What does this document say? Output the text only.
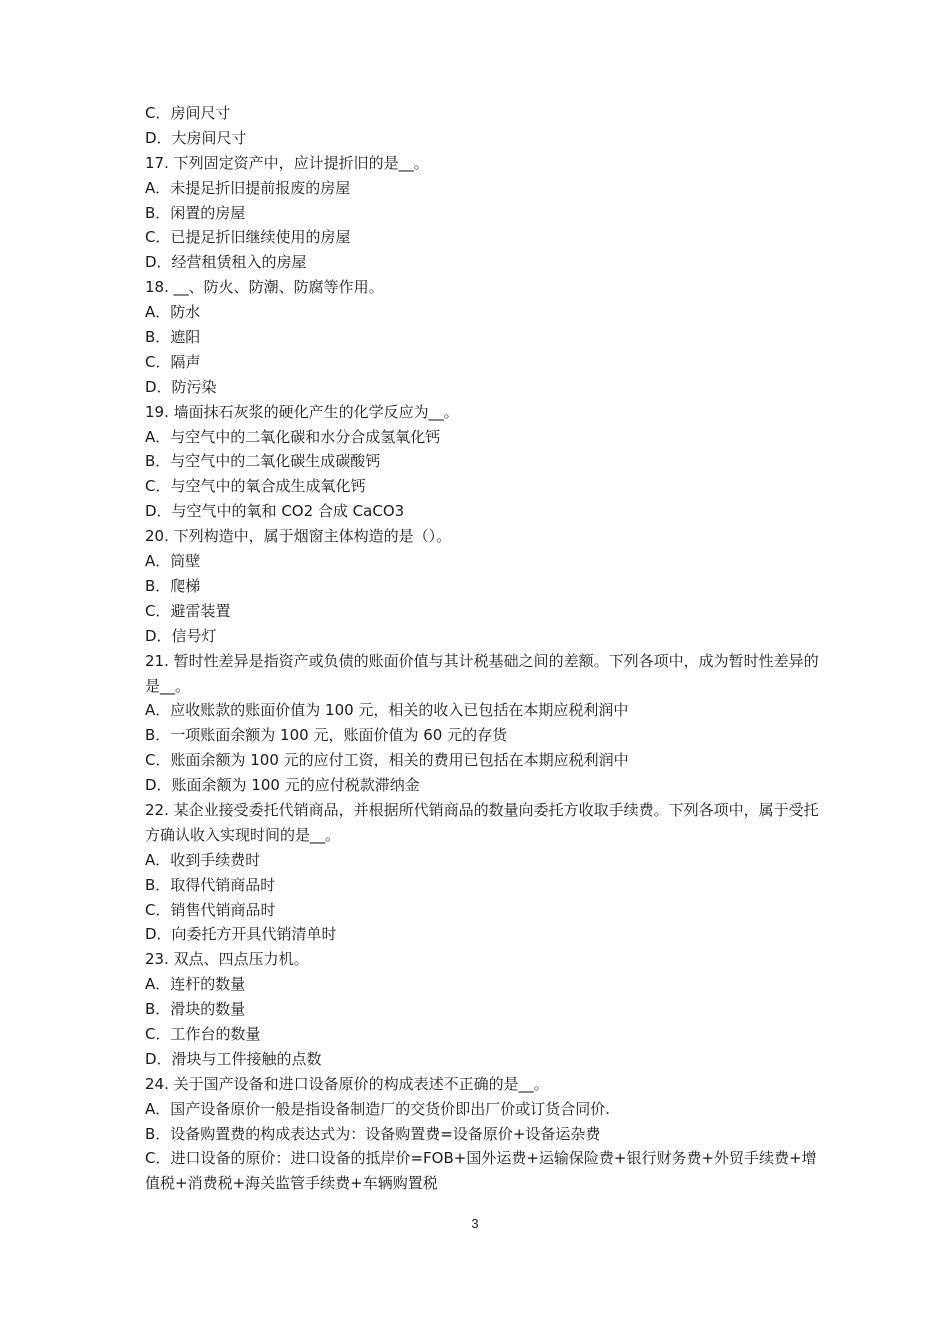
C．房间尺寸
D．大房间尺寸
17. 下列固定资产中，应计提折旧的是__。
A．未提足折旧提前报废的房屋
B．闲置的房屋
C．已提足折旧继续使用的房屋
D．经营租赁租入的房屋
18. __、防火、防潮、防腐等作用。
A．防水
B．遮阳
C．隔声
D．防污染
19. 墙面抹石灰浆的硬化产生的化学反应为__。
A．与空气中的二氧化碳和水分合成氢氧化钙
B．与空气中的二氧化碳生成碳酸钙
C．与空气中的氧合成生成氧化钙
D．与空气中的氧和 CO2 合成 CaCO3
20. 下列构造中，属于烟窗主体构造的是（）。
A．筒壁
B．爬梯
C．避雷装置
D．信号灯
21. 暂时性差异是指资产或负债的账面价值与其计税基础之间的差额。下列各项中，成为暂时性差异的是__。
A．应收账款的账面价值为 100 元，相关的收入已包括在本期应税利润中
B．一项账面余额为 100 元，账面价值为 60 元的存货
C．账面余额为 100 元的应付工资，相关的费用已包括在本期应税利润中
D．账面余额为 100 元的应付税款滞纳金
22. 某企业接受委托代销商品，并根据所代销商品的数量向委托方收取手续费。下列各项中，属于受托方确认收入实现时间的是__。
A．收到手续费时
B．取得代销商品时
C．销售代销商品时
D．向委托方开具代销清单时
23. 双点、四点压力机。
A．连杆的数量
B．滑块的数量
C．工作台的数量
D．滑块与工件接触的点数
24. 关于国产设备和进口设备原价的构成表述不正确的是__。
A．国产设备原价一般是指设备制造厂的交货价即出厂价或订货合同价.
B．设备购置费的构成表达式为：设备购置费=设备原价+设备运杂费
C．进口设备的原价：进口设备的抵岸价=FOB+国外运费+运输保险费+银行财务费+外贸手续费+增值税+消费税+海关监管手续费+车辆购置税
3
